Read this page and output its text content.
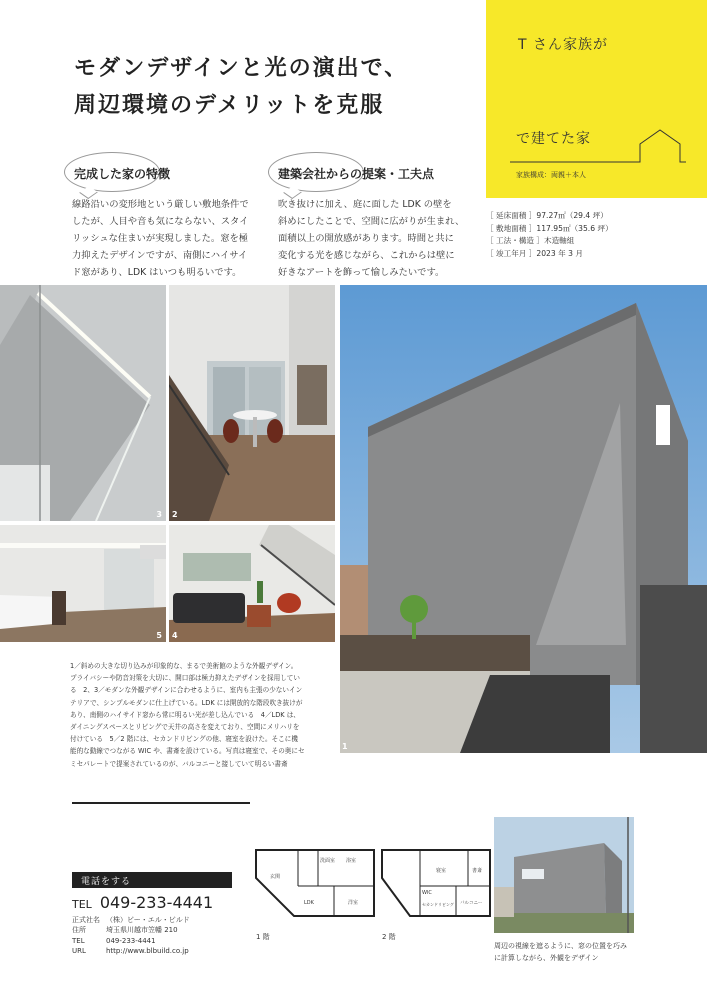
T さん家族が
で建てた家
家族構成：両親＋本人
モダンデザインと光の演出で、
周辺環境のデメリットを克服
完成した家の特徴
線路沿いの変形地という厳しい敷地条件で
したが、人目や音も気にならない、スタイ
リッシュな住まいが実現しました。窓を極
力抑えたデザインですが、南側にハイサイ
ド窓があり、LDK はいつも明るいです。
建築会社からの提案・工夫点
吹き抜けに加え、庭に面した LDK の壁を
斜めにしたことで、空間に広がりが生まれ、
面積以上の開放感があります。時間と共に
変化する光を感じながら、これからは壁に
好きなアートを飾って愉しみたいです。
［ 延床面積 ］97.27㎡（29.4 坪）
［ 敷地面積 ］117.95㎡（35.6 坪）
［ 工法・構造 ］木造軸組
［ 竣工年月 ］2023 年 3 月
3 2
5 4
1
1／斜めの大きな切り込みが印象的な、まるで美術館のような外観デザイン。
プライバシーや防音対策を大切に、開口部は極力抑えたデザインを採用してい
る　2、3／モダンな外観デザインに合わせるように、室内も主張の少ないイン
テリアで、シンプルモダンに仕上げている。LDK には開放的な階段吹き抜けが
あり、南側のハイサイド窓から常に明るい光が差し込んでいる　4／LDK は、
ダイニングスペースとリビングで天井の高さを変えており、空間にメリハリを
付けている　5／2 階には、セカンドリビングの他、寝室を設けた。そこに機
能的な動線でつながる WIC や、書斎を設けている。写真は寝室で、その奥にセ
ミセパレートで提案されているのが、バルコニーと接していて明るい書斎
電話をする
TEL 049-233-4441
正式社名 （株）ビー・エル・ビルド
住所	埼玉県川越市笠幡 210
TEL	049-233-4441
URL	http://www.blbuild.co.jp
洗面室 浴室
LDK	洋室
玄関
1 階
寝室
WIC
セカンドリビング バルコニー
書斎
2 階
周辺の視線を遮るように、窓の位置を巧み
に計算しながら、外観をデザイン
